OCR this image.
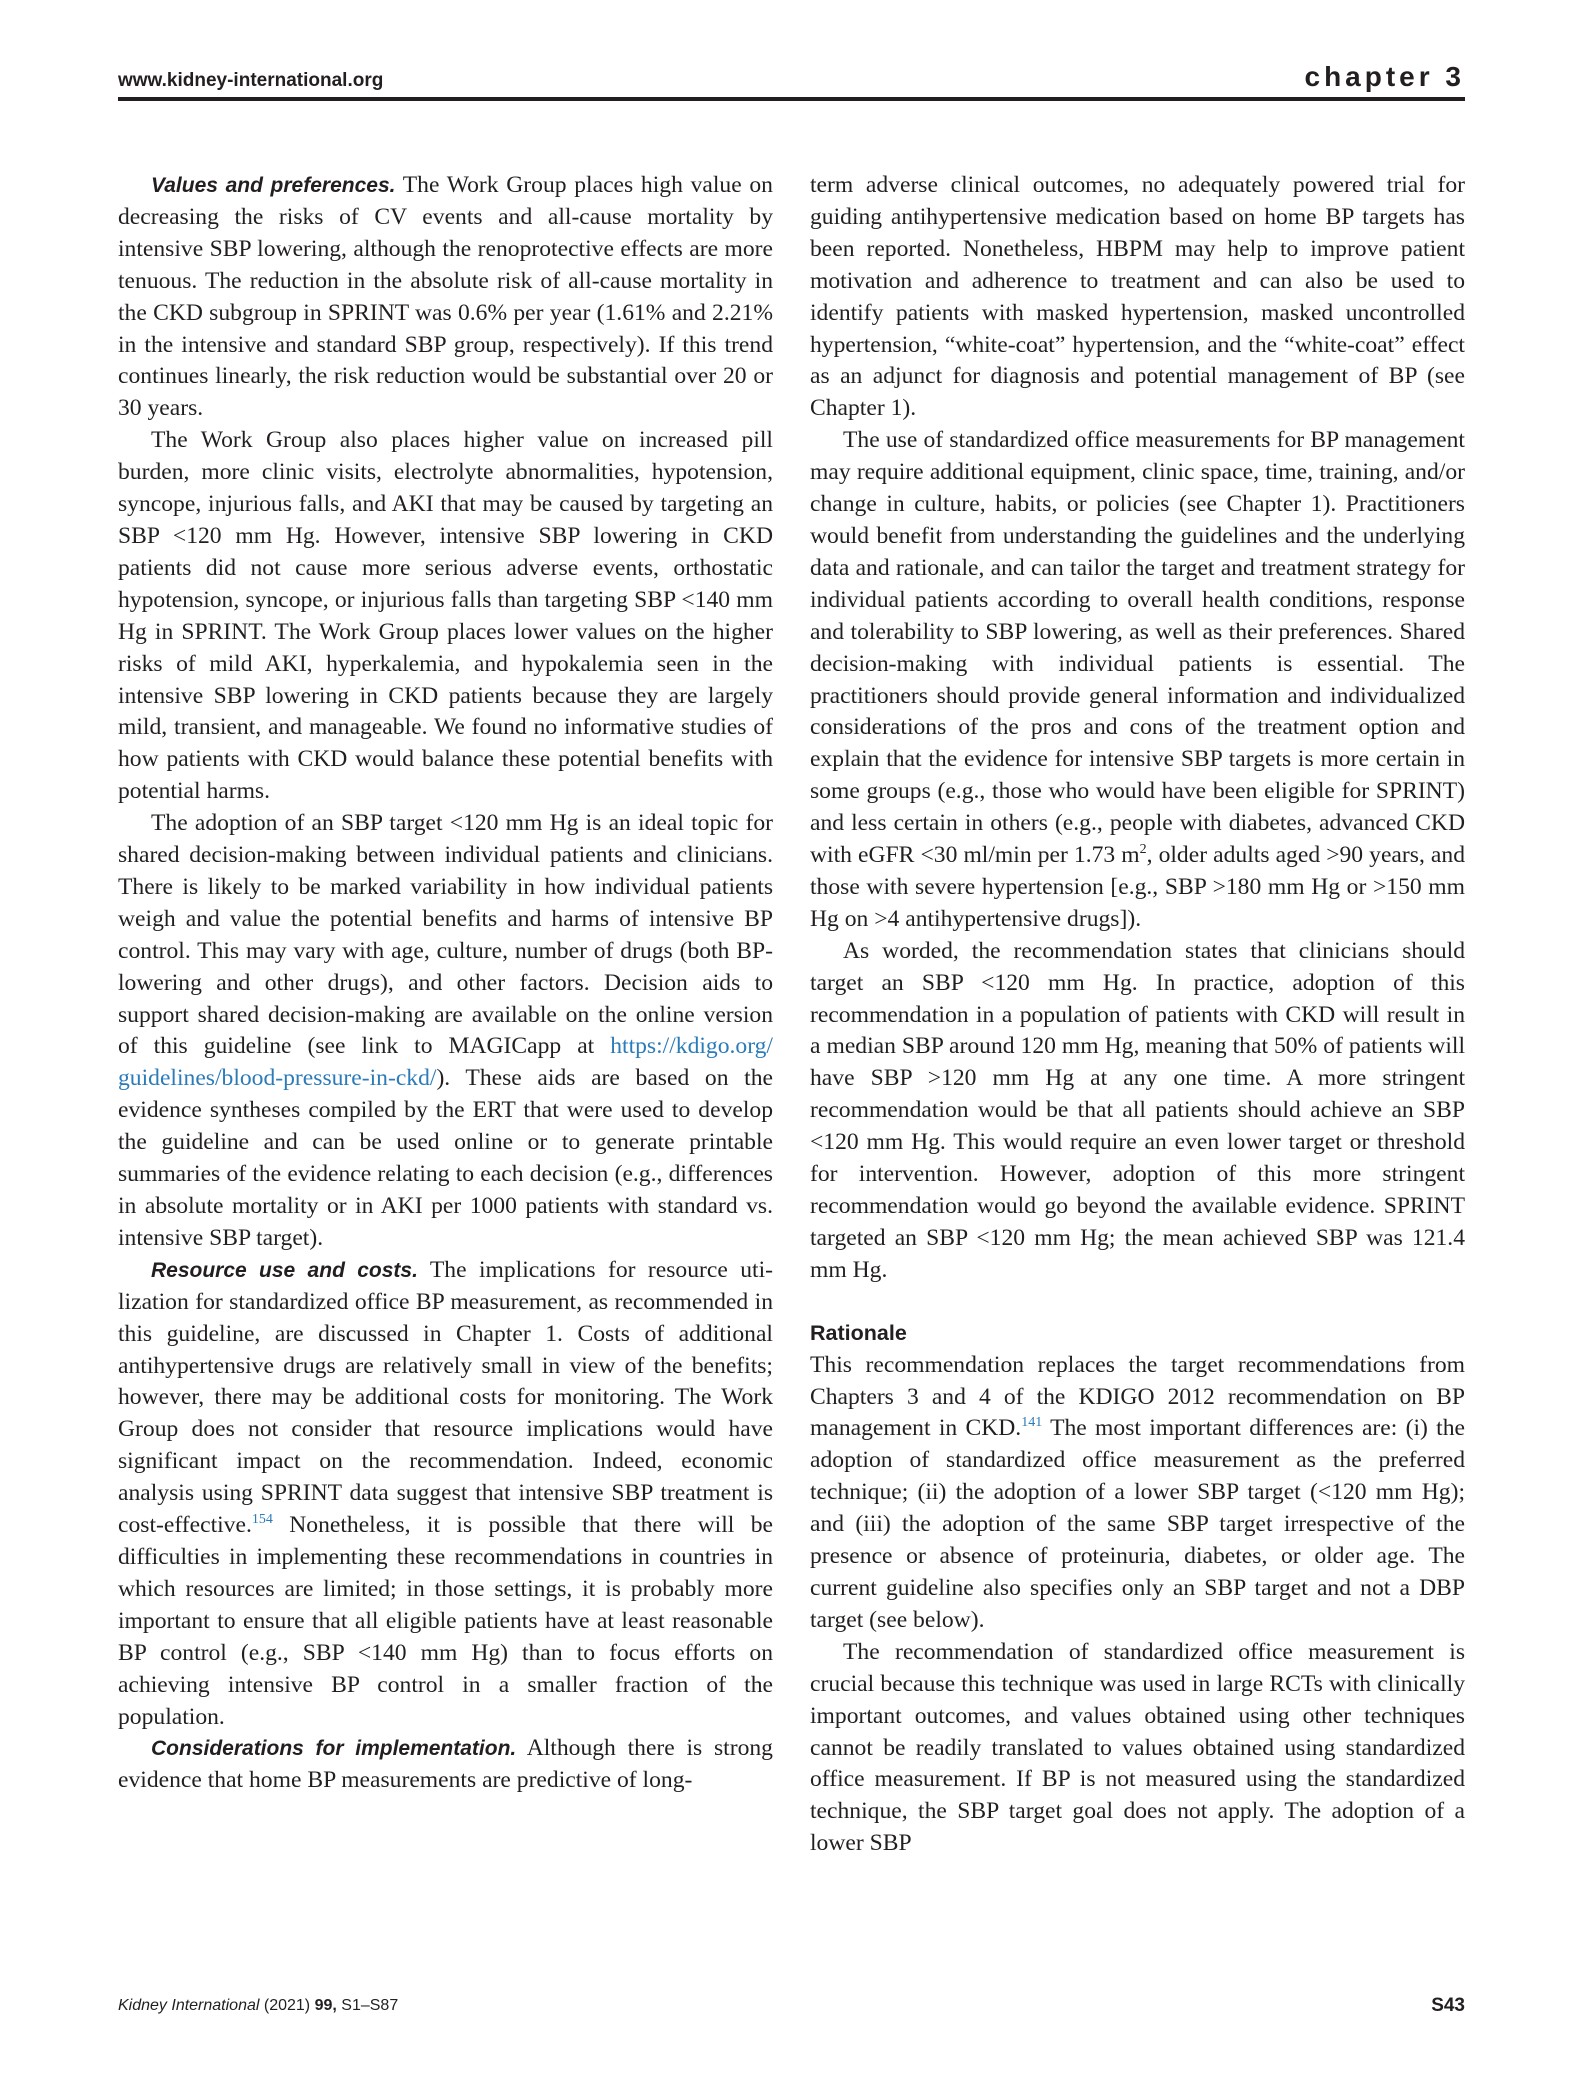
www.kidney-international.org	chapter 3

Values and preferences. The Work Group places high value on decreasing the risks of CV events and all-cause mortality by intensive SBP lowering, although the renoprotective effects are more tenuous. The reduction in the absolute risk of all-cause mortality in the CKD subgroup in SPRINT was 0.6% per year (1.61% and 2.21% in the intensive and standard SBP group, respectively). If this trend continues linearly, the risk reduction would be substantial over 20 or 30 years.

The Work Group also places higher value on increased pill burden, more clinic visits, electrolyte abnormalities, hypotension, syncope, injurious falls, and AKI that may be caused by targeting an SBP <120 mm Hg. However, intensive SBP lowering in CKD patients did not cause more serious adverse events, orthostatic hypotension, syncope, or injurious falls than targeting SBP <140 mm Hg in SPRINT. The Work Group places lower values on the higher risks of mild AKI, hyperkalemia, and hypokalemia seen in the intensive SBP lowering in CKD patients because they are largely mild, transient, and manageable. We found no informative studies of how patients with CKD would balance these potential benefits with potential harms.

The adoption of an SBP target <120 mm Hg is an ideal topic for shared decision-making between individual patients and clinicians. There is likely to be marked variability in how individual patients weigh and value the potential benefits and harms of intensive BP control. This may vary with age, culture, number of drugs (both BP-lowering and other drugs), and other factors. Decision aids to support shared decision-making are available on the online version of this guideline (see link to MAGICapp at https://kdigo.org/​guidelines/blood-pressure-in-ckd/). These aids are based on the evidence syntheses compiled by the ERT that were used to develop the guideline and can be used online or to generate printable summaries of the evidence relating to each decision (e.g., differences in absolute mortality or in AKI per 1000 patients with standard vs. intensive SBP target).

Resource use and costs. The implications for resource utilization for standardized office BP measurement, as recommended in this guideline, are discussed in Chapter 1. Costs of additional antihypertensive drugs are relatively small in view of the benefits; however, there may be additional costs for monitoring. The Work Group does not consider that resource implications would have significant impact on the recommendation. Indeed, economic analysis using SPRINT data suggest that intensive SBP treatment is cost-effective.$^{154}$ Nonetheless, it is possible that there will be difficulties in implementing these recommendations in countries in which resources are limited; in those settings, it is probably more important to ensure that all eligible patients have at least reasonable BP control (e.g., SBP <140 mm Hg) than to focus efforts on achieving intensive BP control in a smaller fraction of the population.

Considerations for implementation. Although there is strong evidence that home BP measurements are predictive of long-

term adverse clinical outcomes, no adequately powered trial for guiding antihypertensive medication based on home BP targets has been reported. Nonetheless, HBPM may help to improve patient motivation and adherence to treatment and can also be used to identify patients with masked hypertension, masked uncontrolled hypertension, “white-coat” hypertension, and the “white-coat” effect as an adjunct for diagnosis and potential management of BP (see Chapter 1).

The use of standardized office measurements for BP management may require additional equipment, clinic space, time, training, and/or change in culture, habits, or policies (see Chapter 1). Practitioners would benefit from understanding the guidelines and the underlying data and rationale, and can tailor the target and treatment strategy for individual patients according to overall health conditions, response and tolerability to SBP lowering, as well as their preferences. Shared decision-making with individual patients is essential. The practitioners should provide general information and individualized considerations of the pros and cons of the treatment option and explain that the evidence for intensive SBP targets is more certain in some groups (e.g., those who would have been eligible for SPRINT) and less certain in others (e.g., people with diabetes, advanced CKD with eGFR <30 ml/min per 1.73 $m^2$, older adults aged >90 years, and those with severe hypertension [e.g., SBP >180 mm Hg or >150 mm Hg on >4 antihypertensive drugs]).

As worded, the recommendation states that clinicians should target an SBP <120 mm Hg. In practice, adoption of this recommendation in a population of patients with CKD will result in a median SBP around 120 mm Hg, meaning that 50% of patients will have SBP >120 mm Hg at any one time. A more stringent recommendation would be that all patients should achieve an SBP <120 mm Hg. This would require an even lower target or threshold for intervention. However, adoption of this more stringent recommendation would go beyond the available evidence. SPRINT targeted an SBP <120 mm Hg; the mean achieved SBP was 121.4 mm Hg.

Rationale

This recommendation replaces the target recommendations from Chapters 3 and 4 of the KDIGO 2012 recommendation on BP management in CKD.$^{141}$ The most important differences are: (i) the adoption of standardized office measurement as the preferred technique; (ii) the adoption of a lower SBP target (<120 mm Hg); and (iii) the adoption of the same SBP target irrespective of the presence or absence of proteinuria, diabetes, or older age. The current guideline also specifies only an SBP target and not a DBP target (see below).

The recommendation of standardized office measurement is crucial because this technique was used in large RCTs with clinically important outcomes, and values obtained using other techniques cannot be readily translated to values obtained using standardized office measurement. If BP is not measured using the standardized technique, the SBP target goal does not apply. The adoption of a lower SBP

Kidney International (2021) 99, S1–S87	S43
